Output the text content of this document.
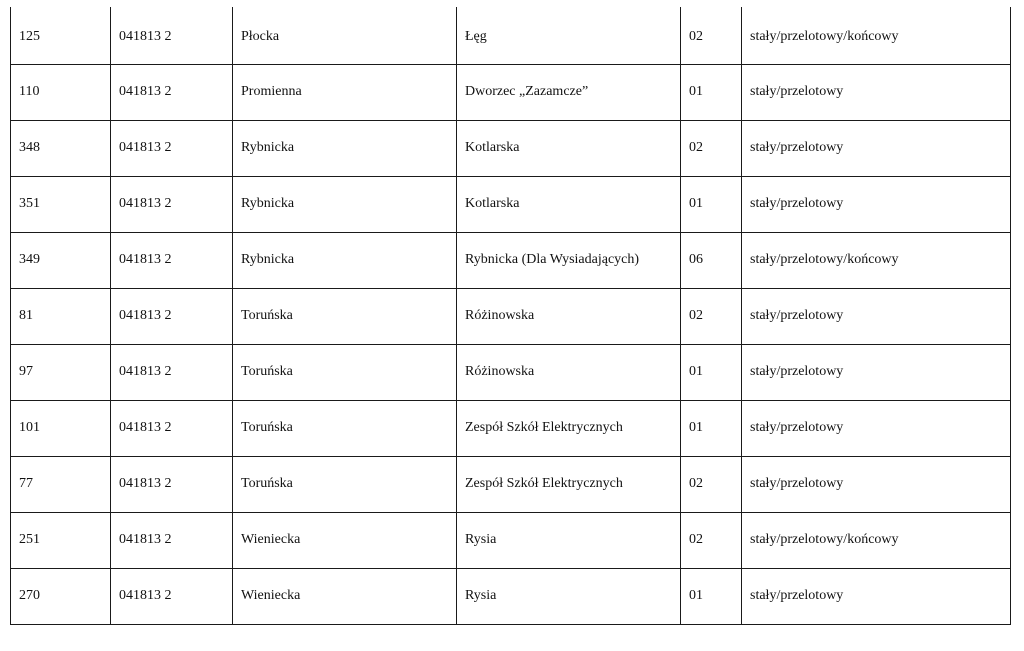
125	041813 2	Płocka	Łęg	02	stały/przelotowy/końcowy
110	041813 2	Promienna	Dworzec „Zazamcze”	01	stały/przelotowy
348	041813 2	Rybnicka	Kotlarska	02	stały/przelotowy
351	041813 2	Rybnicka	Kotlarska	01	stały/przelotowy
349	041813 2	Rybnicka	Rybnicka (Dla Wysiadających)	06	stały/przelotowy/końcowy
81	041813 2	Toruńska	Różinowska	02	stały/przelotowy
97	041813 2	Toruńska	Różinowska	01	stały/przelotowy
101	041813 2	Toruńska	Zespół Szkół Elektrycznych	01	stały/przelotowy
77	041813 2	Toruńska	Zespół Szkół Elektrycznych	02	stały/przelotowy
251	041813 2	Wieniecka	Rysia	02	stały/przelotowy/końcowy
270	041813 2	Wieniecka	Rysia	01	stały/przelotowy
